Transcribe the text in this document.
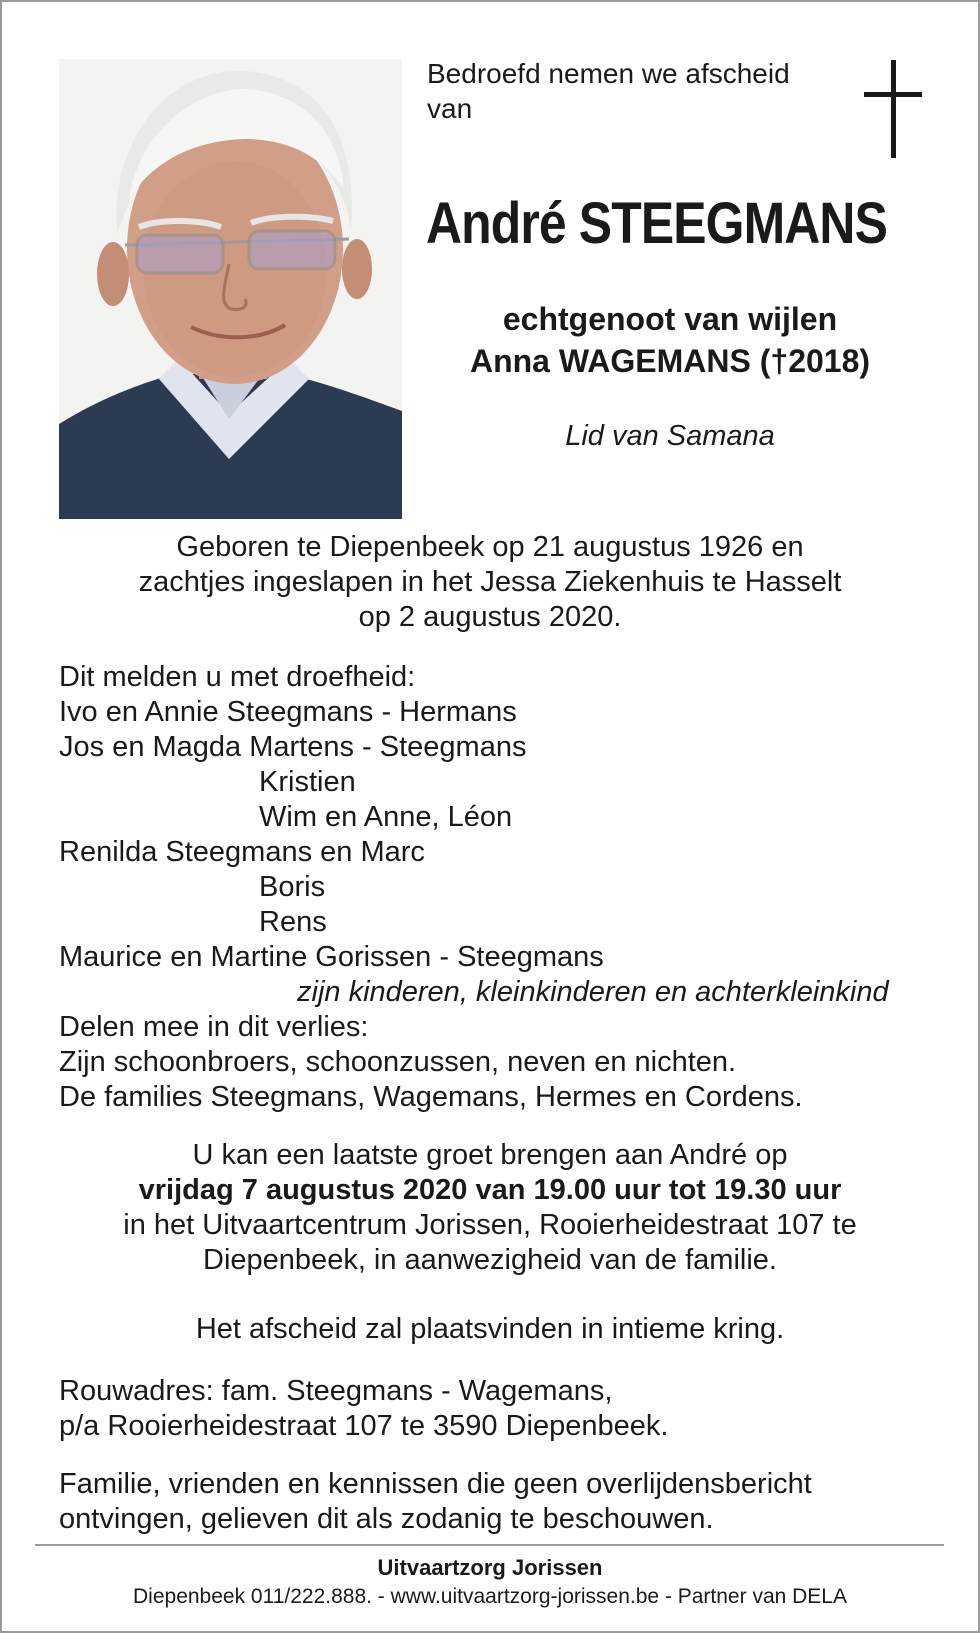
Bedroefd nemen we afscheid
van
André STEEGMANS
echtgenoot van wijlen
Anna WAGEMANS (†2018)
Lid van Samana
Geboren te Diepenbeek op 21 augustus 1926 en
zachtjes ingeslapen in het Jessa Ziekenhuis te Hasselt
op 2 augustus 2020.
Dit melden u met droefheid:
Ivo en Annie Steegmans - Hermans
Jos en Magda Martens - Steegmans
Kristien
Wim en Anne, Léon
Renilda Steegmans en Marc
Boris
Rens
Maurice en Martine Gorissen - Steegmans
zijn kinderen, kleinkinderen en achterkleinkind
Delen mee in dit verlies:
Zijn schoonbroers, schoonzussen, neven en nichten.
De families Steegmans, Wagemans, Hermes en Cordens.
U kan een laatste groet brengen aan André op
vrijdag 7 augustus 2020 van 19.00 uur tot 19.30 uur
in het Uitvaartcentrum Jorissen, Rooierheidestraat 107 te
Diepenbeek, in aanwezigheid van de familie.
Het afscheid zal plaatsvinden in intieme kring.
Rouwadres: fam. Steegmans - Wagemans,
p/a Rooierheidestraat 107 te 3590 Diepenbeek.
Familie, vrienden en kennissen die geen overlijdensbericht
ontvingen, gelieven dit als zodanig te beschouwen.
Uitvaartzorg Jorissen
Diepenbeek 011/222.888. - www.uitvaartzorg-jorissen.be - Partner van DELA
